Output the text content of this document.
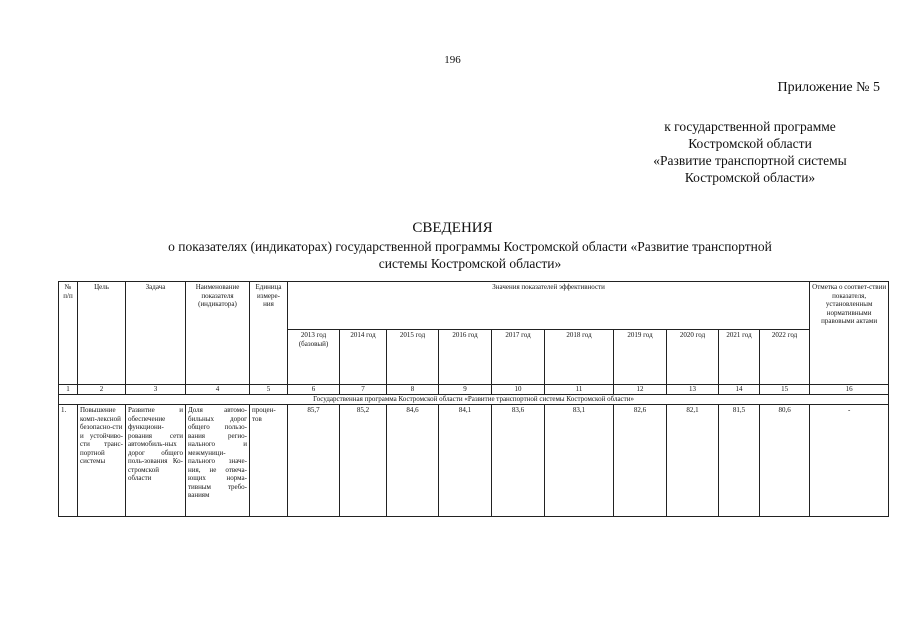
196
Приложение № 5
к государственной программе
Костромской области
«Развитие транспортной системы
Костромской области»
СВЕДЕНИЯ
о показателях (индикаторах) государственной программы Костромской области «Развитие транспортной
системы Костромской области»
№ п/п	Цель	Задача	Наименование показателя (индикатора)	Единица измере-ния	Значения показателей эффективности										Отметка о соответ-ствии показателя, установленным нормативными правовыми актами
					2013 год (базовый)	2014 год	2015 год	2016 год	2017 год	2018 год	2019 год	2020 год	2021 год	2022 год	
1	2	3	4	5	6	7	8	9	10	11	12	13	14	15	16
Государственная программа Костромской области «Развитие транспортной системы Костромской области»															
1.	Повышение комп-лексной безопасно-сти и устойчиво-сти транс-портной системы	Развитие и обеспечение функциони-рования сети автомобиль-ных дорог общего поль-зования Ко-стромской области	Доля автомо-бильных дорог общего пользо-вания регио-нального и межмуници-пального значе-ния, не отвеча-ющих норма-тивным требо-ваниям	процен-тов	85,7	85,2	84,6	84,1	83,6	83,1	82,6	82,1	81,5	80,6	-
